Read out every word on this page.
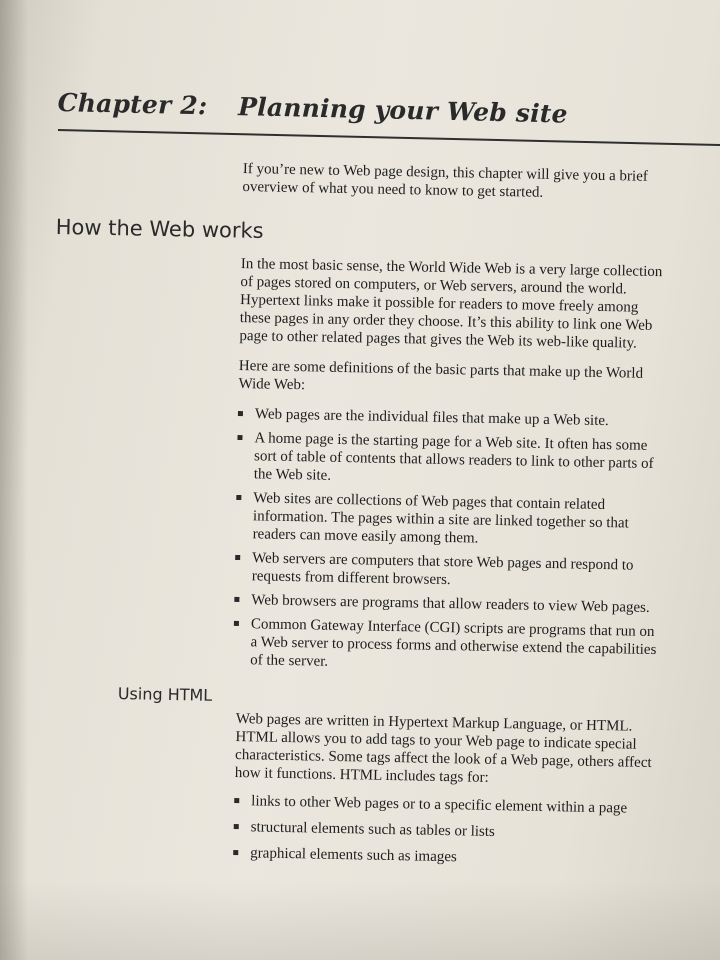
Chapter 2: Planning your Web site
If you’re new to Web page design, this chapter will give you a brief overview of what you need to know to get started.
How the Web works

In the most basic sense, the World Wide Web is a very large collection of pages stored on computers, or Web servers, around the world. Hypertext links make it possible for readers to move freely among these pages in any order they choose. It’s this ability to link one Web page to other related pages that gives the Web its web-like quality.

Here are some definitions of the basic parts that make up the World Wide Web:

Web pages are the individual files that make up a Web site.
A home page is the starting page for a Web site. It often has some sort of table of contents that allows readers to link to other parts of the Web site.
Web sites are collections of Web pages that contain related information. The pages within a site are linked together so that readers can move easily among them.
Web servers are computers that store Web pages and respond to requests from different browsers.
Web browsers are programs that allow readers to view Web pages.
Common Gateway Interface (CGI) scripts are programs that run on a Web server to process forms and otherwise extend the capabilities of the server.
Using HTML

Web pages are written in Hypertext Markup Language, or HTML. HTML allows you to add tags to your Web page to indicate special characteristics. Some tags affect the look of a Web page, others affect how it functions. HTML includes tags for:

links to other Web pages or to a specific element within a page
structural elements such as tables or lists
graphical elements such as images
